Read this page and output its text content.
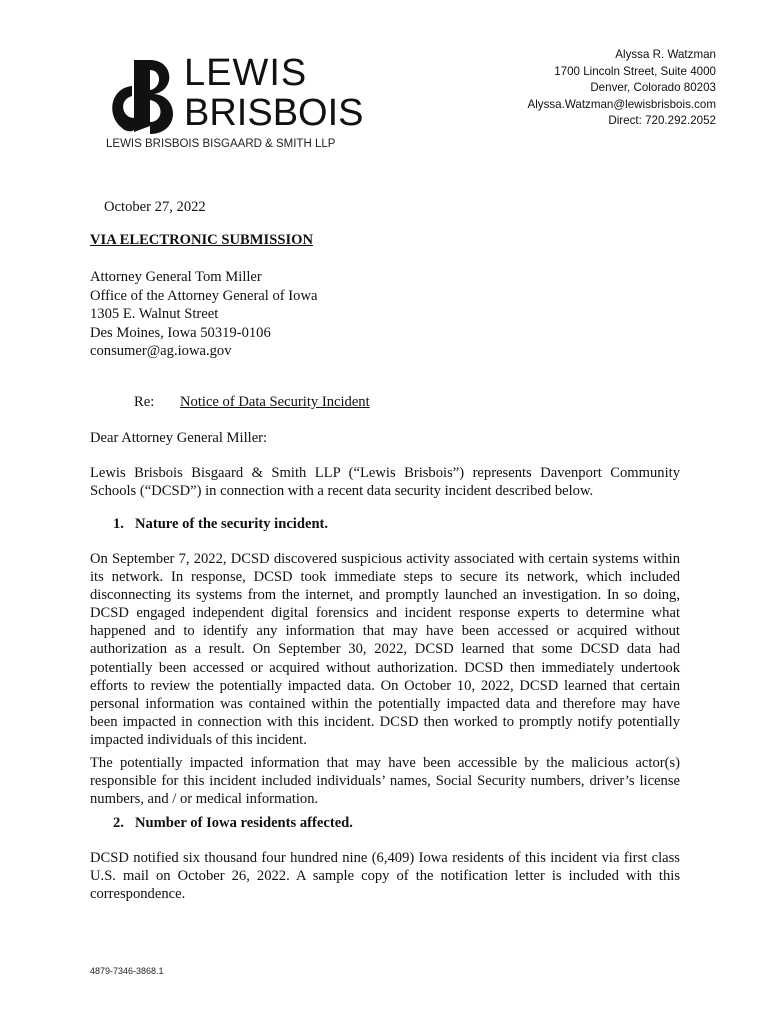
LEWIS
BRISBOIS
LEWIS BRISBOIS BISGAARD & SMITH LLP
Alyssa R. Watzman
1700 Lincoln Street, Suite 4000
Denver, Colorado 80203
Alyssa.Watzman@lewisbrisbois.com
Direct: 720.292.2052
October 27, 2022
VIA ELECTRONIC SUBMISSION
Attorney General Tom Miller
Office of the Attorney General of Iowa
1305 E. Walnut Street
Des Moines, Iowa 50319-0106
consumer@ag.iowa.gov
Re: Notice of Data Security Incident
Dear Attorney General Miller:

Lewis Brisbois Bisgaard & Smith LLP (“Lewis Brisbois”) represents Davenport Community Schools (“DCSD”) in connection with a recent data security incident described below.

1. Nature of the security incident.

On September 7, 2022, DCSD discovered suspicious activity associated with certain systems within its network. In response, DCSD took immediate steps to secure its network, which included disconnecting its systems from the internet, and promptly launched an investigation. In so doing, DCSD engaged independent digital forensics and incident response experts to determine what happened and to identify any information that may have been accessed or acquired without authorization as a result. On September 30, 2022, DCSD learned that some DCSD data had potentially been accessed or acquired without authorization. DCSD then immediately undertook efforts to review the potentially impacted data. On October 10, 2022, DCSD learned that certain personal information was contained within the potentially impacted data and therefore may have been impacted in connection with this incident. DCSD then worked to promptly notify potentially impacted individuals of this incident.

The potentially impacted information that may have been accessible by the malicious actor(s) responsible for this incident included individuals’ names, Social Security numbers, driver’s license numbers, and / or medical information.

2. Number of Iowa residents affected.

DCSD notified six thousand four hundred nine (6,409) Iowa residents of this incident via first class U.S. mail on October 26, 2022. A sample copy of the notification letter is included with this correspondence.

4879-7346-3868.1
